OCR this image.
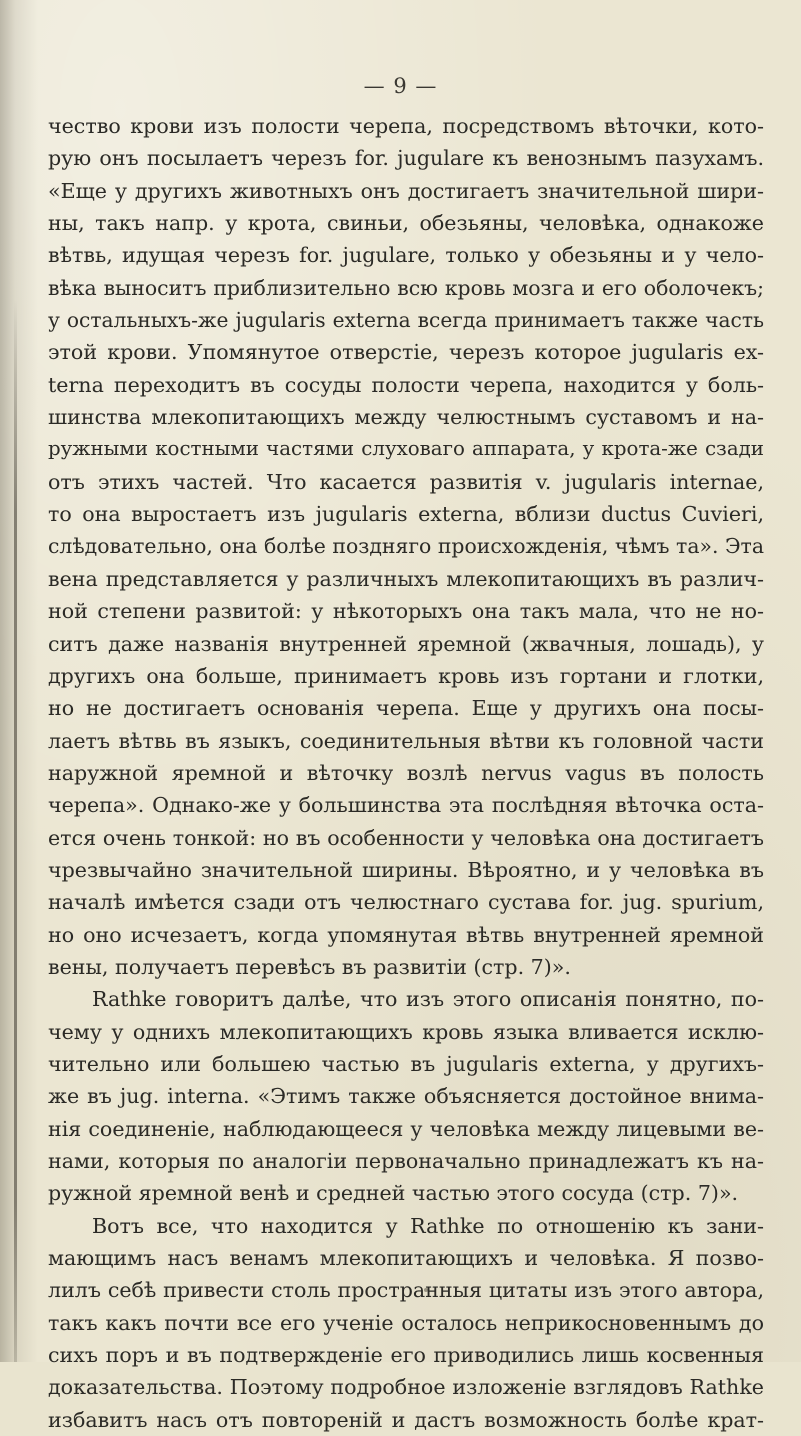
— 9 —
чество крови изъ полости черепа, посредствомъ вѣточки, кото-
рую онъ посылаетъ черезъ for. jugulare къ венознымъ пазухамъ.
«Еще у другихъ животныхъ онъ достигаетъ значительной шири-
ны, такъ напр. у крота, свиньи, обезьяны, человѣка, однакоже
вѣтвь, идущая черезъ for. jugulare, только у обезьяны и у чело-
вѣка выноситъ приблизительно всю кровь мозга и его оболочекъ;
у остальныхъ-же jugularis externa всегда принимаетъ также часть
этой крови. Упомянутое отверстіе, черезъ которое jugularis ex-
terna переходитъ въ сосуды полости черепа, находится у боль-
шинства млекопитающихъ между челюстнымъ суставомъ и на-
ружными костными частями слуховаго аппарата, у крота-же сзади
отъ этихъ частей. Что касается развитія v. jugularis internae,
то она выростаетъ изъ jugularis externa, вблизи ductus Cuvieri,
слѣдовательно, она болѣе поздняго происхожденія, чѣмъ та». Эта
вена представляется у различныхъ млекопитающихъ въ различ-
ной степени развитой: у нѣкоторыхъ она такъ мала, что не но-
ситъ даже названія внутренней яремной (жвачныя, лошадь), у
другихъ она больше, принимаетъ кровь изъ гортани и глотки,
но не достигаетъ основанія черепа. Еще у другихъ она посы-
лаетъ вѣтвь въ языкъ, соединительныя вѣтви къ головной части
наружной яремной и вѣточку возлѣ nervus vagus въ полость
черепа». Однако-же у большинства эта послѣдняя вѣточка оста-
ется очень тонкой: но въ особенности у человѣка она достигаетъ
чрезвычайно значительной ширины. Вѣроятно, и у человѣка въ
началѣ имѣется сзади отъ челюстнаго сустава for. jug. spurium,
но оно исчезаетъ, когда упомянутая вѣтвь внутренней яремной
вены, получаетъ перевѣсъ въ развитіи (стр. 7)».
Rathke говоритъ далѣе, что изъ этого описанія понятно, по-
чему у однихъ млекопитающихъ кровь языка вливается исклю-
чительно или большею частью въ jugularis externa, у другихъ-
же въ jug. interna. «Этимъ также объясняется достойное внима-
нія соединеніе, наблюдающееся у человѣка между лицевыми ве-
нами, которыя по аналогіи первоначально принадлежатъ къ на-
ружной яремной венѣ и средней частью этого сосуда (стр. 7)».
Вотъ все, что находится у Rathke по отношенію къ зани-
мающимъ насъ венамъ млекопитающихъ и человѣка. Я позво-
лилъ себѣ привести столь пространныя цитаты изъ этого автора,
такъ какъ почти все его ученіе осталось неприкосновеннымъ до
сихъ поръ и въ подтвержденіе его приводились лишь косвенныя
доказательства. Поэтому подробное изложеніе взглядовъ Rathke
избавитъ насъ отъ повтореній и дастъ возможность болѣе крат-
